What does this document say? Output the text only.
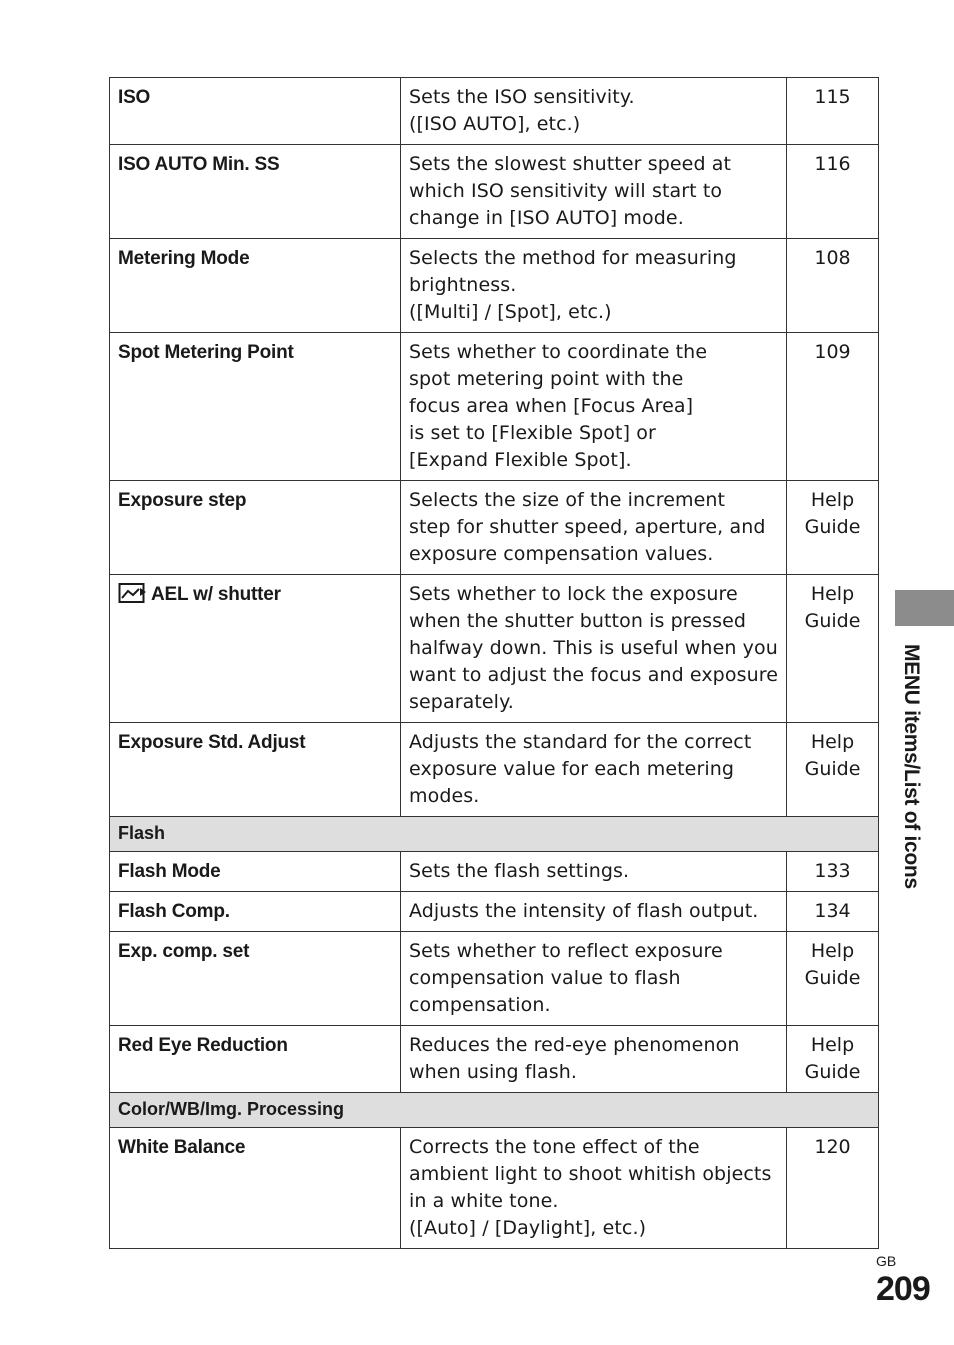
ISO	Sets the ISO sensitivity.
([ISO AUTO], etc.)	115
ISO AUTO Min. SS	Sets the slowest shutter speed at
which ISO sensitivity will start to
change in [ISO AUTO] mode.	116
Metering Mode	Selects the method for measuring
brightness.
([Multi] / [Spot], etc.)	108
Spot Metering Point	Sets whether to coordinate the
spot metering point with the
focus area when [Focus Area]
is set to [Flexible Spot] or
[Expand Flexible Spot].	109
Exposure step	Selects the size of the increment
step for shutter speed, aperture, and
exposure compensation values.	Help
Guide
AEL w/ shutter	Sets whether to lock the exposure
when the shutter button is pressed
halfway down. This is useful when you
want to adjust the focus and exposure
separately.	Help
Guide
Exposure Std. Adjust	Adjusts the standard for the correct
exposure value for each metering
modes.	Help
Guide
Flash		
Flash Mode	Sets the flash settings.	133
Flash Comp.	Adjusts the intensity of flash output.	134
Exp. comp. set	Sets whether to reflect exposure
compensation value to flash
compensation.	Help
Guide
Red Eye Reduction	Reduces the red-eye phenomenon
when using flash.	Help
Guide
Color/WB/Img. Processing		
White Balance	Corrects the tone effect of the
ambient light to shoot whitish objects
in a white tone.
([Auto] / [Daylight], etc.)	120
MENU items/List of icons
GB
209
